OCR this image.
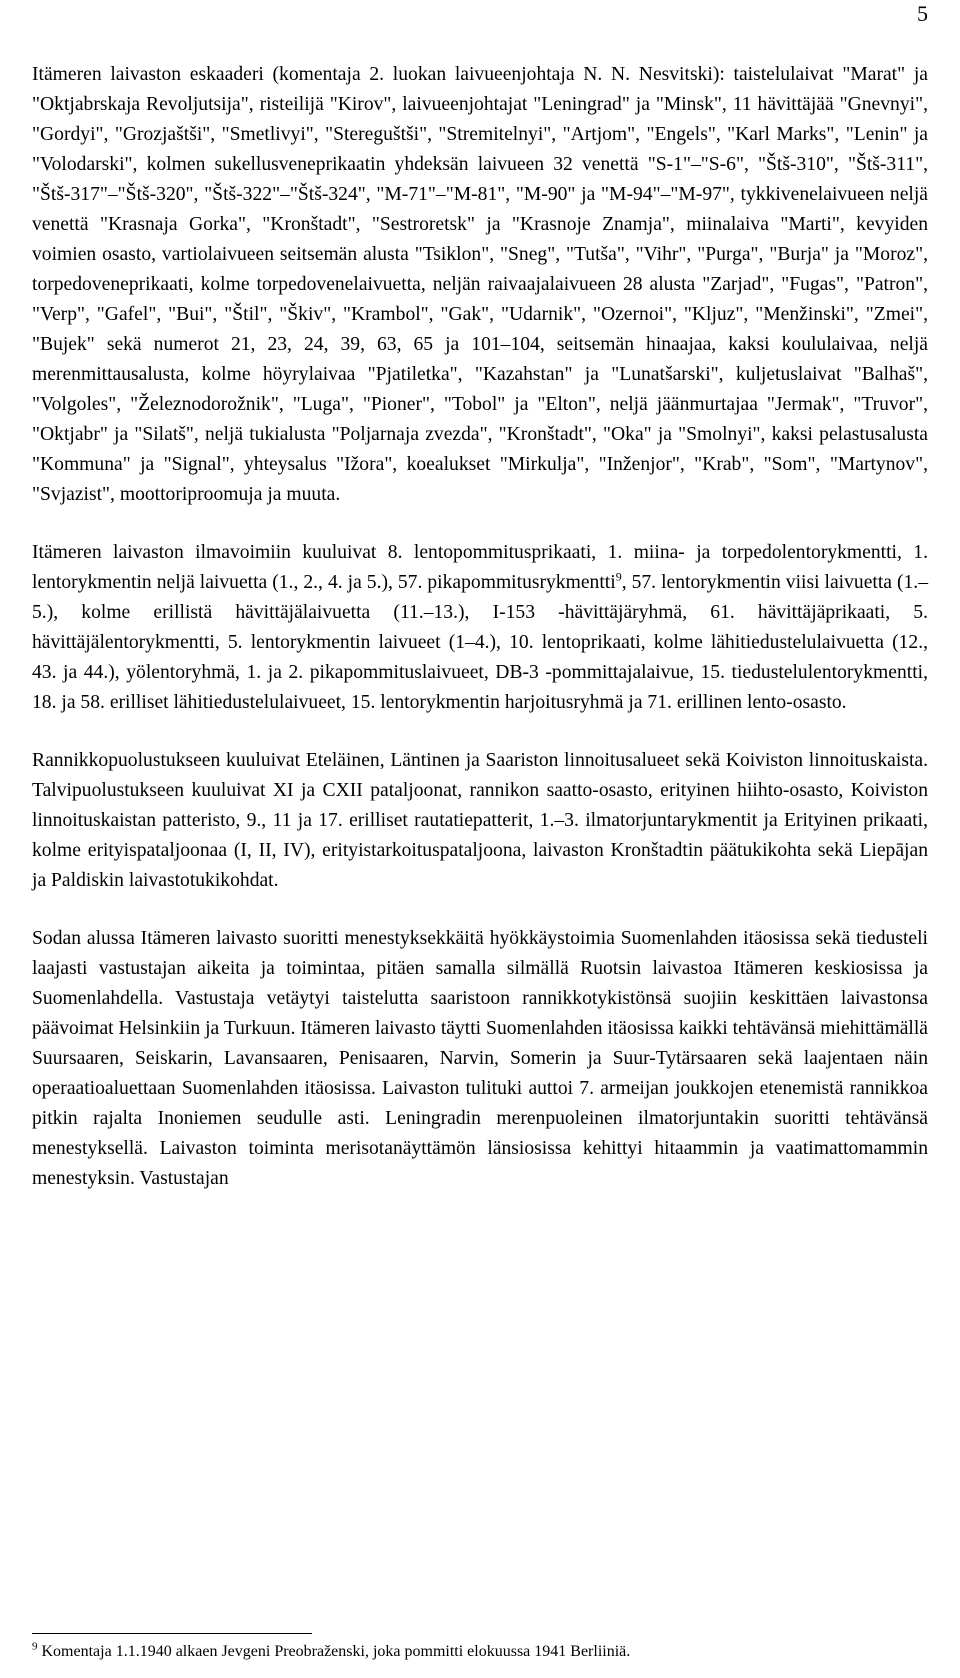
5

Itämeren laivaston eskaaderi (komentaja 2. luokan laivueenjohtaja N. N. Nesvitski): taistelulaivat "Marat" ja "Oktjabrskaja Revoljutsija", risteilijä "Kirov", laivueenjohtajat "Leningrad" ja "Minsk", 11 hävittäjää "Gnevnyi", "Gordyi", "Grozjaštši", "Smetlivyi", "Stereguštši", "Stremitelnyi", "Artjom", "Engels", "Karl Marks", "Lenin" ja "Volodarski", kolmen sukellusveneprikaatin yhdeksän laivueen 32 venettä "S-1"–"S-6", "Štš-310", "Štš-311", "Štš-317"–"Štš-320", "Štš-322"–"Štš-324", "M-71"–"M-81", "M-90" ja "M-94"–"M-97", tykkivenelaivueen neljä venettä "Krasnaja Gorka", "Kronštadt", "Sestroretsk" ja "Krasnoje Znamja", miinalaiva "Marti", kevyiden voimien osasto, vartiolaivueen seitsemän alusta "Tsiklon", "Sneg", "Tutša", "Vihr", "Purga", "Burja" ja "Moroz", torpedoveneprikaati, kolme torpedovenelaivuetta, neljän raivaajalaivueen 28 alusta "Zarjad", "Fugas", "Patron", "Verp", "Gafel", "Bui", "Štil", "Škiv", "Krambol", "Gak", "Udarnik", "Ozernoi", "Kljuz", "Menžinski", "Zmei", "Bujek" sekä numerot 21, 23, 24, 39, 63, 65 ja 101–104, seitsemän hinaajaa, kaksi koululaivaa, neljä merenmittausalusta, kolme höyrylaivaa "Pjatiletka", "Kazahstan" ja "Lunatšarski", kuljetuslaivat "Balhaš", "Volgoles", "Železnodorožnik", "Luga", "Pioner", "Tobol" ja "Elton", neljä jäänmurtajaa "Jermak", "Truvor", "Oktjabr" ja "Silatš", neljä tukialusta "Poljarnaja zvezda", "Kronštadt", "Oka" ja "Smolnyi", kaksi pelastusalusta "Kommuna" ja "Signal", yhteysalus "Ižora", koealukset "Mirkulja", "Inženjor", "Krab", "Som", "Martynov", "Svjazist", moottoriproomuja ja muuta.

Itämeren laivaston ilmavoimiin kuuluivat 8. lentopommitusprikaati, 1. miina- ja torpedolentorykmentti, 1. lentorykmentin neljä laivuetta (1., 2., 4. ja 5.), 57. pikapommitusrykmentti$^9$, 57. lentorykmentin viisi laivuetta (1.–5.), kolme erillistä hävittäjälaivuetta (11.–13.), I-153 -hävittäjäryhmä, 61. hävittäjäprikaati, 5. hävittäjälentorykmentti, 5. lentorykmentin laivueet (1–4.), 10. lentoprikaati, kolme lähitiedustelulaivuetta (12., 43. ja 44.), yölentoryhmä, 1. ja 2. pikapommituslaivueet, DB-3 -pommittajalaivue, 15. tiedustelulentorykmentti, 18. ja 58. erilliset lähitiedustelulaivueet, 15. lentorykmentin harjoitusryhmä ja 71. erillinen lento-osasto.

Rannikkopuolustukseen kuuluivat Eteläinen, Läntinen ja Saariston linnoitusalueet sekä Koiviston linnoituskaista. Talvipuolustukseen kuuluivat XI ja CXII pataljoonat, rannikon saatto-osasto, erityinen hiihto-osasto, Koiviston linnoituskaistan patteristo, 9., 11 ja 17. erilliset rautatiepatterit, 1.–3. ilmatorjuntarykmentit ja Erityinen prikaati, kolme erityispataljoonaa (I, II, IV), erityistarkoituspataljoona, laivaston Kronštadtin päätukikohta sekä Liepājan ja Paldiskin laivastotukikohdat.

Sodan alussa Itämeren laivasto suoritti menestyksekkäitä hyökkäystoimia Suomenlahden itäosissa sekä tiedusteli laajasti vastustajan aikeita ja toimintaa, pitäen samalla silmällä Ruotsin laivastoa Itämeren keskiosissa ja Suomenlahdella. Vastustaja vetäytyi taistelutta saaristoon rannikkotykistönsä suojiin keskittäen laivastonsa päävoimat Helsinkiin ja Turkuun. Itämeren laivasto täytti Suomenlahden itäosissa kaikki tehtävänsä miehittämällä Suursaaren, Seiskarin, Lavansaaren, Penisaaren, Narvin, Somerin ja Suur-Tytärsaaren sekä laajentaen näin operaatioaluettaan Suomenlahden itäosissa. Laivaston tulituki auttoi 7. armeijan joukkojen etenemistä rannikkoa pitkin rajalta Inoniemen seudulle asti. Leningradin merenpuoleinen ilmatorjuntakin suoritti tehtävänsä menestyksellä. Laivaston toiminta merisotanäyttämön länsiosissa kehittyi hitaammin ja vaatimattomammin menestyksin. Vastustajan

$^9$ Komentaja 1.1.1940 alkaen Jevgeni Preobraženski, joka pommitti elokuussa 1941 Berliiniä.
